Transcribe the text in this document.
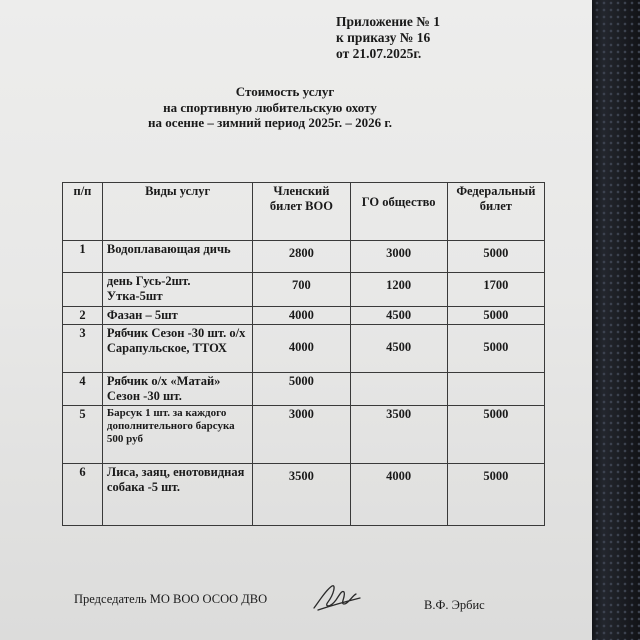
Приложение № 1
к приказу № 16
от 21.07.2025г.
Стоимость услуг
на спортивную любительскую охоту
на осенне – зимний период 2025г. – 2026 г.
п/п	Виды услуг	Членский билет ВОО	ГО общество	Федеральный билет
1	Водоплавающая дичь	2800	3000	5000
	день Гусь-2шт. Утка-5шт	700	1200	1700
2	Фазан – 5шт	4000	4500	5000
3	Рябчик Сезон -30 шт. о/х Сарапульское, ТТОХ	4000	4500	5000
4	Рябчик о/х «Матай» Сезон -30 шт.	5000		
5	Барсук 1 шт. за каждого дополнительного барсука 500 руб	3000	3500	5000
6	Лиса, заяц, енотовидная собака -5 шт.	3500	4000	5000
Председатель МО ВОО ОСОО ДВО	В.Ф. Эрбис
